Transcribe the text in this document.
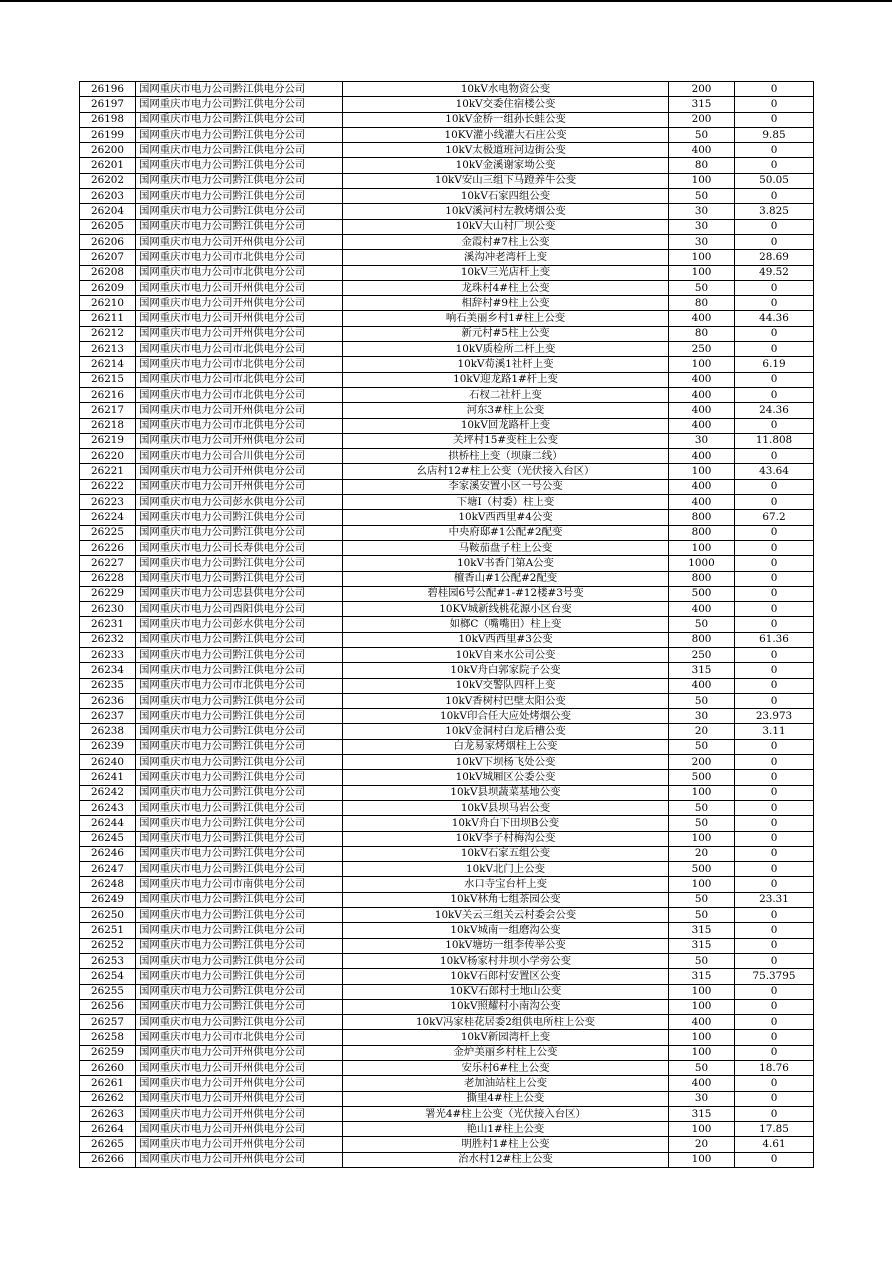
26196	国网重庆市电力公司黔江供电分公司	10kV水电物资公变	200	0
26197	国网重庆市电力公司黔江供电分公司	10kV交委住宿楼公变	315	0
26198	国网重庆市电力公司黔江供电分公司	10kV金桥一组孙长蛙公变	200	0
26199	国网重庆市电力公司黔江供电分公司	10KV灌小线灌大石庄公变	50	9.85
26200	国网重庆市电力公司黔江供电分公司	10kV太极道班河边街公变	400	0
26201	国网重庆市电力公司黔江供电分公司	10kV金溪谢家坳公变	80	0
26202	国网重庆市电力公司黔江供电分公司	10kV安山三组下马蹬养牛公变	100	50.05
26203	国网重庆市电力公司黔江供电分公司	10kV石家四组公变	50	0
26204	国网重庆市电力公司黔江供电分公司	10kV溪河村左教烤烟公变	30	3.825
26205	国网重庆市电力公司黔江供电分公司	10kV大山村厂坝公变	30	0
26206	国网重庆市电力公司开州供电分公司	金霞村#7柱上公变	30	0
26207	国网重庆市电力公司市北供电分公司	溪沟冲老湾杆上变	100	28.69
26208	国网重庆市电力公司市北供电分公司	10kV三光店杆上变	100	49.52
26209	国网重庆市电力公司开州供电分公司	龙珠村4#柱上公变	50	0
26210	国网重庆市电力公司开州供电分公司	相辞村#9柱上公变	80	0
26211	国网重庆市电力公司开州供电分公司	响石美丽乡村1#柱上公变	400	44.36
26212	国网重庆市电力公司开州供电分公司	新元村#5柱上公变	80	0
26213	国网重庆市电力公司市北供电分公司	10kV质检所二杆上变	250	0
26214	国网重庆市电力公司市北供电分公司	10kV荀溪1社杆上变	100	6.19
26215	国网重庆市电力公司市北供电分公司	10kV迎龙路1#杆上变	400	0
26216	国网重庆市电力公司市北供电分公司	石杈二社杆上变	400	0
26217	国网重庆市电力公司开州供电分公司	河东3#柱上公变	400	24.36
26218	国网重庆市电力公司市北供电分公司	10kV回龙路杆上变	400	0
26219	国网重庆市电力公司开州供电分公司	关坪村15#变柱上公变	30	11.808
26220	国网重庆市电力公司合川供电分公司	拱桥柱上变（坝康二线）	400	0
26221	国网重庆市电力公司开州供电分公司	幺店村12#柱上公变（光伏接入台区）	100	43.64
26222	国网重庆市电力公司开州供电分公司	李家溪安置小区一号公变	400	0
26223	国网重庆市电力公司彭水供电分公司	下塘Ⅰ（村委）柱上变	400	0
26224	国网重庆市电力公司黔江供电分公司	10kV西西里#4公变	800	67.2
26225	国网重庆市电力公司黔江供电分公司	中央府邸#1公配#2配变	800	0
26226	国网重庆市电力公司长寿供电分公司	马鞍茄盘子柱上公变	100	0
26227	国网重庆市电力公司黔江供电分公司	10kV书香门第A公变	1000	0
26228	国网重庆市电力公司黔江供电分公司	檀香山#1公配#2配变	800	0
26229	国网重庆市电力公司忠县供电分公司	碧桂园6号公配#1-#12楼#3号变	500	0
26230	国网重庆市电力公司酉阳供电分公司	10KV城新线桃花源小区台变	400	0
26231	国网重庆市电力公司彭水供电分公司	如榔C（嘴嘴田）柱上变	50	0
26232	国网重庆市电力公司黔江供电分公司	10kV西西里#3公变	800	61.36
26233	国网重庆市电力公司黔江供电分公司	10kV自来水公司公变	250	0
26234	国网重庆市电力公司黔江供电分公司	10kV舟白郭家院子公变	315	0
26235	国网重庆市电力公司市北供电分公司	10kV交警队四杆上变	400	0
26236	国网重庆市电力公司黔江供电分公司	10kV香树村巴壁太阳公变	50	0
26237	国网重庆市电力公司黔江供电分公司	10kV印合任大应处烤烟公变	30	23.973
26238	国网重庆市电力公司黔江供电分公司	10kV金洞村白龙后槽公变	20	3.11
26239	国网重庆市电力公司黔江供电分公司	白龙易家烤烟柱上公变	50	0
26240	国网重庆市电力公司黔江供电分公司	10kV下坝杨飞处公变	200	0
26241	国网重庆市电力公司黔江供电分公司	10kV城厢区公委公变	500	0
26242	国网重庆市电力公司黔江供电分公司	10kV县坝蔬菜基地公变	100	0
26243	国网重庆市电力公司黔江供电分公司	10kV县坝马岩公变	50	0
26244	国网重庆市电力公司黔江供电分公司	10kV舟白下田坝B公变	50	0
26245	国网重庆市电力公司黔江供电分公司	10kV李子村梅沟公变	100	0
26246	国网重庆市电力公司黔江供电分公司	10kV石家五组公变	20	0
26247	国网重庆市电力公司黔江供电分公司	10kV北门上公变	500	0
26248	国网重庆市电力公司市南供电分公司	水口寺宝台杆上变	100	0
26249	国网重庆市电力公司黔江供电分公司	10kV林角七组茶园公变	50	23.31
26250	国网重庆市电力公司黔江供电分公司	10kV关云三组关云村委会公变	50	0
26251	国网重庆市电力公司黔江供电分公司	10kV城南一组磨沟公变	315	0
26252	国网重庆市电力公司黔江供电分公司	10kV塘坊一组李传举公变	315	0
26253	国网重庆市电力公司黔江供电分公司	10kV杨家村井坝小学旁公变	50	0
26254	国网重庆市电力公司黔江供电分公司	10kV石郎村安置区公变	315	75.3795
26255	国网重庆市电力公司黔江供电分公司	10KV石郎村土地山公变	100	0
26256	国网重庆市电力公司黔江供电分公司	10kV照耀村小南沟公变	100	0
26257	国网重庆市电力公司黔江供电分公司	10kV冯家桂花居委2组供电所柱上公变	400	0
26258	国网重庆市电力公司市北供电分公司	10kV新园湾杆上变	100	0
26259	国网重庆市电力公司开州供电分公司	金炉美丽乡村柱上公变	100	0
26260	国网重庆市电力公司开州供电分公司	安乐村6#柱上公变	50	18.76
26261	国网重庆市电力公司开州供电分公司	老加油站柱上公变	400	0
26262	国网重庆市电力公司开州供电分公司	撕里4#柱上公变	30	0
26263	国网重庆市电力公司开州供电分公司	署光4#柱上公变（光伏接入台区）	315	0
26264	国网重庆市电力公司开州供电分公司	艳山1#柱上公变	100	17.85
26265	国网重庆市电力公司开州供电分公司	明胜村1#柱上公变	20	4.61
26266	国网重庆市电力公司开州供电分公司	治水村12#柱上公变	100	0
